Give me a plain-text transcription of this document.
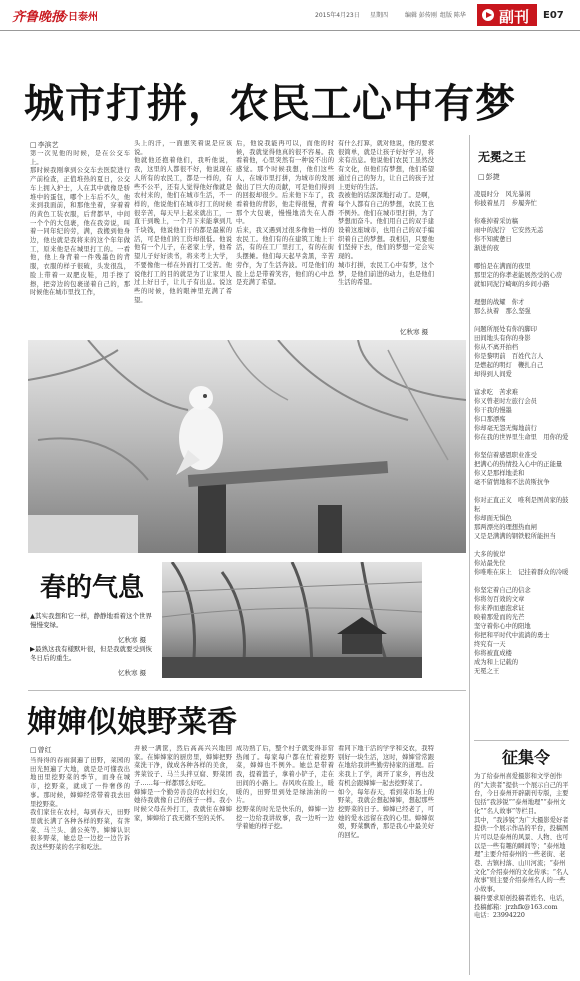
齐鲁晚报
今日泰州	2015年4月23日 星期四	编辑 彭传刚 组版 陈华 副刊 E07
城市打拼，农民工心中有梦
□ 李滨艺
第一次见他的时候，是在公交车上。
那时候我刚拿到公交车去医院进行产前检查，正值堆热的夏日，公交车上拥入护士，人在其中就像是骄堆中的蛋包，哪个上车后不久，他来到我面前，和那他坐着，穿着着的黄色工装衣服，后背都早，中间一个个的大包裹，他在我旁说，叫着一同年纪的劳，满，我搬到他身边，他也就是我将来的这个年年做工，原来他是在城里打工的。一看他，他上身背着一件残墨色的背服，衣服的样子很破，头发很乱，脸上带着一双肥皮鞋，用手擦了擦，把旁边的包裹递着自己的，那时候他在城市里找工作，
头上的汗，一面惠笑着说是应该说。
他就他还抱着他们，我听他说，我，这里的人都很不好，他说现在人所有的农民工，都是一样的，有些不公平，还有人觉得他好像就是农村来的，他们在城市生活，不一样的，他说他们在城市打工的时候很辛苦，每天早上起来就出工，一直干到晚上，一个月下来能拿到几千块钱，他说他们干的都是最累的活，可是他们的工资却很低。他说他有一个儿子，在老家上学，他希望儿子好好读书，将来考上大学，不要像他一样在外面打工受苦。他说他打工的目的就是为了让家里人过上好日子，让儿子有出息。说这些的时候，他的眼神里充满了希望。
后，他说我能再可以，而他的时候，我就觉得他真的很不容易。我看着他，心里突然有一种说不出的感觉。那个时候我想，他们这些人，在城市里打拼，为城市的发展做出了巨大的贡献，可是他们得到的回报却很少。后来他下车了，我看着他的背影，他走得很慢，背着那个大包裹，慢慢地消失在人群中。
后来，我又遇到过很多像他一样的农民工。他们有的在建筑工地上干活，有的在工厂里打工，有的在街头摆摊。他们每天起早贪黑，辛苦劳作，为了生活奔波。可是他们的脸上总是带着笑容，他们的心中总是充满了希望。
有什么打算，就对他说，他的要求很简单，就是让孩子好好学习，将来有出息。他说他们农民工虽然没有文化，但他们有梦想，他们希望通过自己的努力，让自己的孩子过上更好的生活。
我被他的话深深地打动了。是啊，每个人都有自己的梦想，农民工也不例外。他们在城市里打拼，为了梦想而奋斗。他们用自己的双手建设着这座城市，也用自己的双手编织着自己的梦想。我相信，只要他们坚持下去，他们的梦想一定会实现的。
城市打拼，农民工心中有梦，这个梦，是他们前进的动力，也是他们生活的希望。
忆秋寒 摄
春的气息
▲其实我想和它一样，静静地看着这个世界慢慢变绿。
忆秋寒 摄
▶最熟这我有樣默叶很，但是我就要受到恢冬日后的重生。
忆秋寒 摄
婶婶似娘野菜香
□ 曾红
当得得的春雨洞遍了田野，菜园的田光照遍了大地，就是是可懂我出地田里挖野菜的季节，而身在城市，挖野菜，就成了一件奢侈的事。那时候，婶婶经常带着我去田里挖野菜。
我们家住在农村，每到春天，田野里就长满了各种各样的野菜，有荠菜、马兰头、蒲公英等。婶婶认识很多野菜，她总是一边挖一边告诉我这些野菜的名字和吃法。
并被一满筐，然后高高兴兴地回家。在婶婶家的厨房里，婶婶把野菜洗干净，做成各种各样的美食，荠菜饺子、马兰头拌豆腐、野菜团子……每一样都那么好吃。
婶婶是一个勤劳善良的农村妇女，她待我就像自己的孩子一样。我小时候父母在外打工，我就住在婶婶家，婶婶给了我无微不至的关怀。
成功熟了后，整个村子就变得非常热闹了。每家每户都在忙着挖野菜，婶婶也不例外。她总是带着我，提着篮子，拿着小铲子，走在田间的小路上。春风吹在脸上，暖暖的，田野里到处是绿油油的一片。
挖野菜的时光是快乐的，婶婶一边挖一边给我讲故事，我一边听一边学着她的样子挖。
看同下地干活的学学和交农，我特别好一块生活，这时，婶婶常常跟在地给我讲些勤劳持家的道理。后来我上了学，离开了家乡，再也没有机会跟婶婶一起去挖野菜了。
如今，每年春天，看到菜市场上的野菜，我就会想起婶婶，想起那些挖野菜的日子。婶婶已经老了，可她的爱永远留在我的心里。婶婶似娘，野菜飘香，那是我心中最美好的回忆。
无冕之王
□ 彭捷
凌晨时分　风光暴闲
你披着星月　步履奔忙

你难掉着采访稿
雨中的泥泞　它安然无恙
你不知疲惫日
渐进的夜

哪怕是在满面的夜里
那里定的你孝老能展然受的心房
就如同泥泞崎岖的乡间小路

理想的战耀　你才
那么执着　那么坚强

问题所展处有你的脚印
田间地头有你的身影
你从不离开拍档
你是黎明前　百姓代言人
是燃起的明灯　鞭扎自己
却得到人间爱

富求吃　苦求难
你又曾老时左旅行会员
你干我的慢墨
你口那漂殇
你却毫无怨无悔地前行
你在我的世界里生命里　用你的爱

你坚信着感恩职业准受
把满心的热情投入心中的正能量
你又是那样地柔和
毫不留情地和不法黄斯抗争

你对正直正义　唯利是图黄家的鼓耘
你却面无惧色
那两漂亮的理想热血闸
又是是满满的钢铁般所能担当

大多的彼岸
你站最先位
你唯唯在床上　记挂着群众的冷暖

你坚定着自己的信念
你将勿百效的文章
你来养而惠泡求证
映着那爱而的光芒
坚守着你心中的阳地
你把和平时代中流淌的勇士
终究有一天
你将被直成楼
成为和上记载的
无冕之王
征集令
为了给泰州喜爱摄影和文学创作的“大读者”提供一个展示自己的平台，今日泰州开辟副刊专版，主要包括“我涉锐”“泰州地理”“泰州文化”“名人故事”等栏目。
其中，“我涉锐”为广大摄影爱好者提供一个展示作品的平台，投稿图片可以是泰州的风景、人物、也可以是一些有趣的瞬间等；“泰州地理”主要介绍泰州的一些老街、老巷、古镇村落、山川河流；“泰州文化”介绍泰州的文化传承；“名人故事”则主要介绍泰州名人的一些小故事。
稿件要求原创投稿者姓名、电话，投稿邮箱：jrzhfk@163.com
电话：23994220
